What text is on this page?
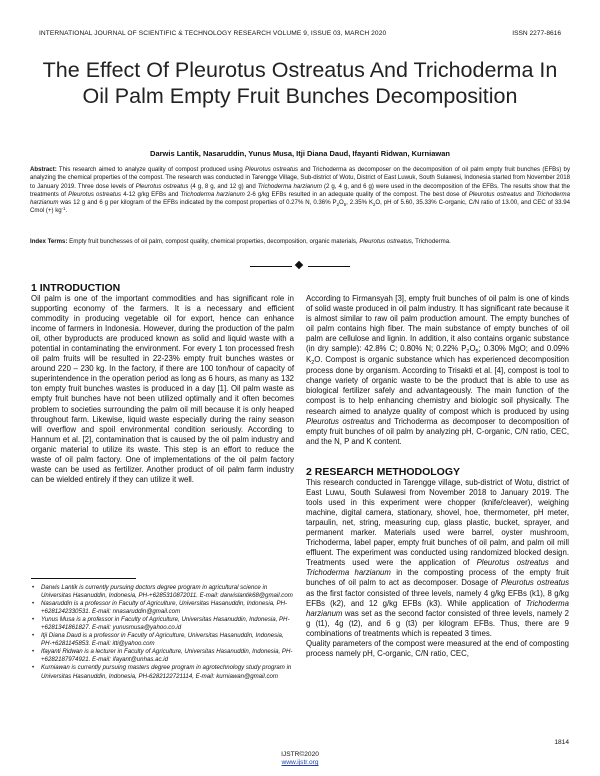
INTERNATIONAL JOURNAL OF SCIENTIFIC & TECHNOLOGY RESEARCH VOLUME 9, ISSUE 03, MARCH 2020	ISSN 2277-8616
The Effect Of Pleurotus Ostreatus And Trichoderma In Oil Palm Empty Fruit Bunches Decomposition
Darwis Lantik, Nasaruddin, Yunus Musa, Itji Diana Daud, Ifayanti Ridwan, Kurniawan
Abstract: This research aimed to analyze quality of compost produced using Pleurotus ostreatus and Trichoderma as decomposer on the decomposition of oil palm empty fruit bunches (EFBs) by analyzing the chemical properties of the compost. The research was conducted in Tarengge Village, Sub-district of Wotu, District of East Luwuk, South Sulawesi, Indonesia started from November 2018 to January 2019. Three dose levels of Pleurotus ostreatus (4 g, 8 g, and 12 g) and Trichoderma harzianum (2 g, 4 g, and 6 g) were used in the decomposition of the EFBs. The results show that the treatments of Pleurotus ostreatus 4-12 g/kg EFBs and Trichoderma harzianum 2-6 g/kg EFBs resulted in an adequate quality of the compost. The best dose of Pleurotus ostreatus and Trichoderma harzianum was 12 g and 6 g per kilogram of the EFBs indicated by the compost properties of 0.27% N, 0.36% $P_2O_5$, 2.35% $K_2O$, pH of 5.60, 35.33% C-organic, C/N ratio of 13.00, and CEC of 33.94 Cmol (+) $kg^{-1}$.
Index Terms: Empty fruit bunchesses of oil palm, compost quality, chemical properties, decomposition, organic materials, Pleurotus ostreatus, Trichoderma.
1 INTRODUCTION
Oil palm is one of the important commodities and has significant role in supporting economy of the farmers. It is a necessary and efficient commodity in producing vegetable oil for export, hence can enhance income of farmers in Indonesia. However, during the production of the palm oil, other byproducts are produced known as solid and liquid waste with a potential in contaminating the environment. For every 1 ton processed fresh oil palm fruits will be resulted in 22-23% empty fruit bunches wastes or around 220 – 230 kg. In the factory, if there are 100 ton/hour of capacity of superintendence in the operation period as long as 6 hours, as many as 132 ton empty fruit bunches wastes is produced in a day [1]. Oil palm waste as empty fruit bunches have not been utilized optimally and it often becomes problem to societies surrounding the palm oil mill because it is only heaped throughout farm. Likewise, liquid waste especially during the rainy season will overflow and spoil environmental condition seriously. According to Hannum et al. [2], contamination that is caused by the oil palm industry and organic material to utilize its waste. This step is an effort to reduce the waste of oil palm factory. One of implementations of the oil palm factory waste can be used as fertilizer. Another product of oil palm farm industry can be wielded entirely if they can utilize it well.
According to Firmansyah [3], empty fruit bunches of oil palm is one of kinds of solid waste produced in oil palm industry. It has significant rate because it is almost similar to raw oil palm production amount. The empty bunches of oil palm contains high fiber. The main substance of empty bunches of oil palm are cellulose and lignin. In addition, it also contains organic substance (in dry sample): 42.8% C; 0.80% N; 0.22% $P_2O_5$; 0.30% MgO; and 0.09% $K_2O$. Compost is organic substance which has experienced decomposition process done by organism. According to Trisakti et al. [4], compost is tool to change variety of organic waste to be the product that is able to use as biological fertilizer safely and advantageously. The main function of the compost is to help enhancing chemistry and biologic soil physically. The research aimed to analyze quality of compost which is produced by using Pleurotus ostreatus and Trichoderma as decomposer to decomposition of empty fruit bunches of oil palm by analyzing pH, C-organic, C/N ratio, CEC, and the N, P and K content.
2 RESEARCH METHODOLOGY
This research conducted in Tarengge village, sub-district of Wotu, district of East Luwu, South Sulawesi from November 2018 to January 2019. The tools used in this experiment were chopper (knife/cleaver), weighing machine, digital camera, stationary, shovel, hoe, thermometer, pH meter, tarpaulin, net, string, measuring cup, glass plastic, bucket, sprayer, and permanent marker. Materials used were barrel, oyster mushroom, Trichoderma, label paper, empty fruit bunches of oil palm, and palm oil mill effluent. The experiment was conducted using randomized blocked design. Treatments used were the application of Pleurotus ostreatus and Trichoderma harzianum in the composting process of the empty fruit bunches of oil palm to act as decomposer. Dosage of Pleurotus ostreatus as the first factor consisted of three levels, namely 4 g/kg EFBs (k1), 8 g/kg EFBs (k2), and 12 g/kg EFBs (k3). While application of Trichoderma harzianum was set as the second factor consisted of three levels, namely 2 g (t1), 4g (t2), and 6 g (t3) per kilogram EFBs. Thus, there are 9 combinations of treatments which is repeated 3 times.
Quality parameters of the compost were measured at the end of composting process namely pH, C-organic, C/N ratio, CEC,
• Darwis Lantik is currently pursuing doctors degree program in agricultural science in Universitas Hasanuddin, Indonesia, PH-+6285310872011. E-mail: darwislantik68@gmail.com
• Nasaruddin is a professor in Faculty of Agriculture, Universitas Hasanuddin, Indonesia, PH-+6281242330531. E-mail: nnasaruddin@gmail.com
• Yunus Musa is a professor in Faculty of Agriculture, Universitas Hasanuddin, Indonesia, PH-+6281341861827. E-mail: yunusmusa@yahoo.co.id
• Itji Diana Daud is a professor in Faculty of Agriculture, Universitas Hasanuddin, Indonesia, PH-+6281145853. E-mail: itti@yahoo.com
• Ifayanti Ridwan is a lecturer in Faculty of Agriculture, Universitas Hasanuddin, Indonesia, PH-+6282187974921. E-mail: ifayant@unhas.ac.id
• Kurniawan is currently pursuing masters degree program in agrotechnology study program in Universitas Hasanuddin, Indonesia, PH-6282122721114, E-mail: kurniawan@gmail.com
1814
IJSTR©2020
www.ijstr.org
